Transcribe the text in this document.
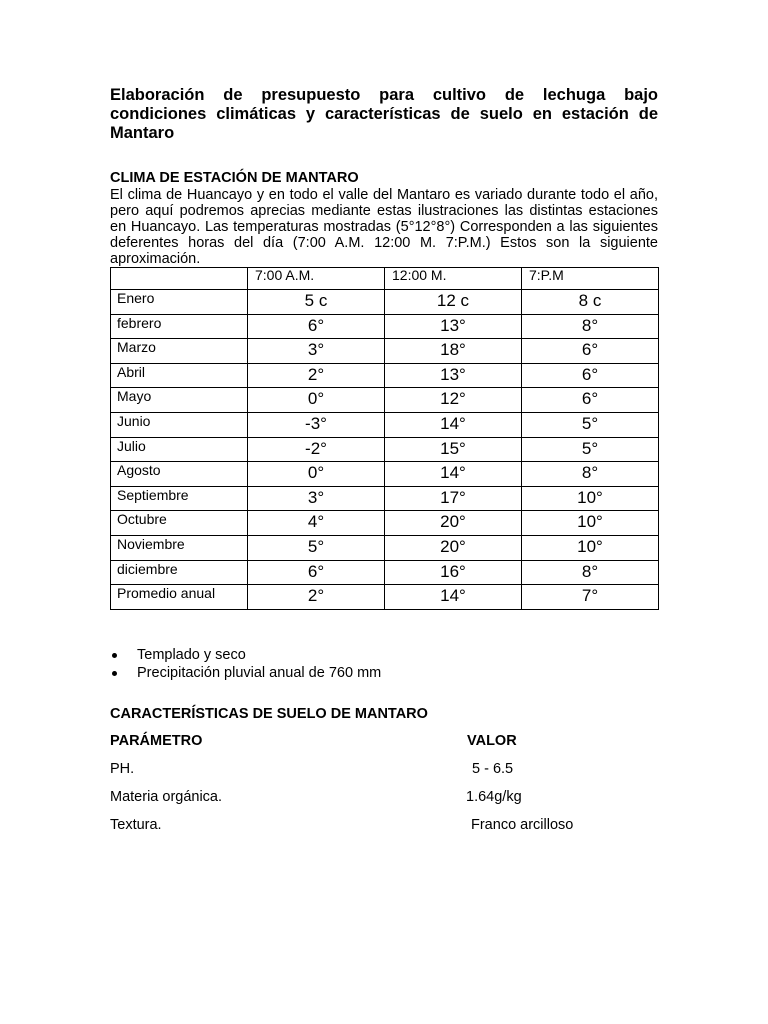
Elaboración de presupuesto para cultivo de lechuga bajo condiciones climáticas y características de suelo en estación de Mantaro
CLIMA DE ESTACIÓN DE MANTARO

El clima de Huancayo y en todo el valle del Mantaro es variado durante todo el año, pero aquí podremos aprecias mediante estas ilustraciones las distintas estaciones en Huancayo. Las temperaturas mostradas (5°12°8°) Corresponden a las siguientes deferentes horas del día (7:00 A.M. 12:00 M. 7:P.M.) Estos son la siguiente aproximación.

	7:00 A.M.	12:00 M.	7:P.M
Enero	5 c	12 c	8 c
febrero	6°	13°	8°
Marzo	3°	18°	6°
Abril	2°	13°	6°
Mayo	0°	12°	6°
Junio	-3°	14°	5°
Julio	-2°	15°	5°
Agosto	0°	14°	8°
Septiembre	3°	17°	10°
Octubre	4°	20°	10°
Noviembre	5°	20°	10°
diciembre	6°	16°	8°
Promedio anual	2°	14°	7°
Templado y seco
Precipitación pluvial anual de 760 mm
CARACTERÍSTICAS DE SUELO DE MANTARO
PARÁMETRO	VALOR
PH.	5 - 6.5
Materia orgánica.	1.64g/kg
Textura.	Franco arcilloso
